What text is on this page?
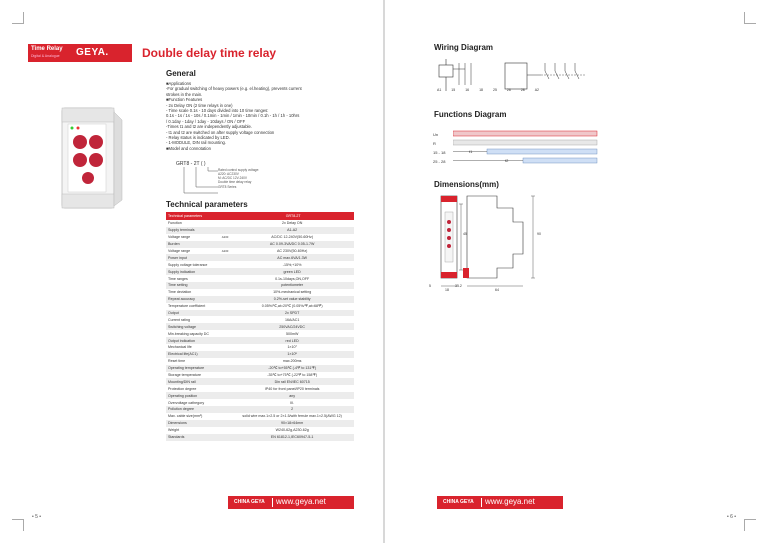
Time Relay
Digital & Analogue GEYA.	Double delay time relay
General
■Applications
-For gradual switching of heavy powers (e.g. el.heating), prevents current
strokes in the main.
■Function Features
- 2x Delay ON (2 time relays in one)
- Time scale 0.1s - 10 days divided into 10 time ranges:
0.1s - 1s / 1s - 10s / 0.1min - 1min / 1min - 10min / 0.1h - 1h / 1h - 10hrs
/ 0.1day - 1day / 1day - 10days / ON / OFF
-Times t1 and t2 are independently adjustable.
- t1 and t2 are switched on after supply voltage connection
- Relay status is indicated by LED.
- 1-MODULE, DIN rail mounting.
■Model and connotation
GRT8 - 2T ( )
Rated control supply voltage:
A220: AC230V
M: AC/DC 12V-240V
Double time delay relay
GRT8 Series
Technical parameters
Technical parameters		GRT8-2T
Function		2x Delay ON
Supply terminals		A1-A2
Voltage range	A230	AC/DC 12-240V(50-60Hz)
Burden		AC 0.09-3VA/DC 0.05-1.7W
Voltage range	A230	AC 230V(50-60Hz)
Power input		AC max.6VA/1.3W
Supply voltage tolerance		-15%;+10%
Supply indication		green LED
Time ranges		0.1s-10days,ON,OFF
Time setting		potentiometer
Time deviation		10%-mechanical setting
Repeat accuracy		0.2%-set value stability
Temperature coefficient		0.05%/℃,at=20℃ (0.05%/℉,at=68℉)
Output		2x SPDT
Current rating		16A/AC1
Switching voltage		250VAC/24VDC
Min.breaking capacity DC		500mW
Output indication		red LED
Mechanical life		1×10⁷
Electrical life(AC1)		1×10⁵
Reset time		max.200ms
Operating temperature		-20℃ to+55℃ (-4℉ to 131℉)
Storage temperature		-35℃ to+75℃ (-22℉ to 158℉)
Mounting/DIN rail		Din rail EN/IEC 60715
Protection degree		IP40 for front panel/IP20 terminals
Operating position		any
Overvoltage cathegory		III.
Pollution degree		2
Max. cable size(mm²)		solid wire max.1×2.5 or 2×1.5/with ferrule max.1×2.5(AWG 12)
Dimensions		90×18×64mm
Weight		W240-62g,A230-62g
Standards		EN 61812-1,IEC60947-5-1
CHINA GEYA www.geya.net
• 5 •
Wiring Diagram
A1	15	16	18	25	26	28	A2
Functions Diagram
Un
R
15 - 18
25 - 28
t1
t2
Dimensions(mm)
90
45
18	64
35.2
5
CHINA GEYA www.geya.net
• 6 •
